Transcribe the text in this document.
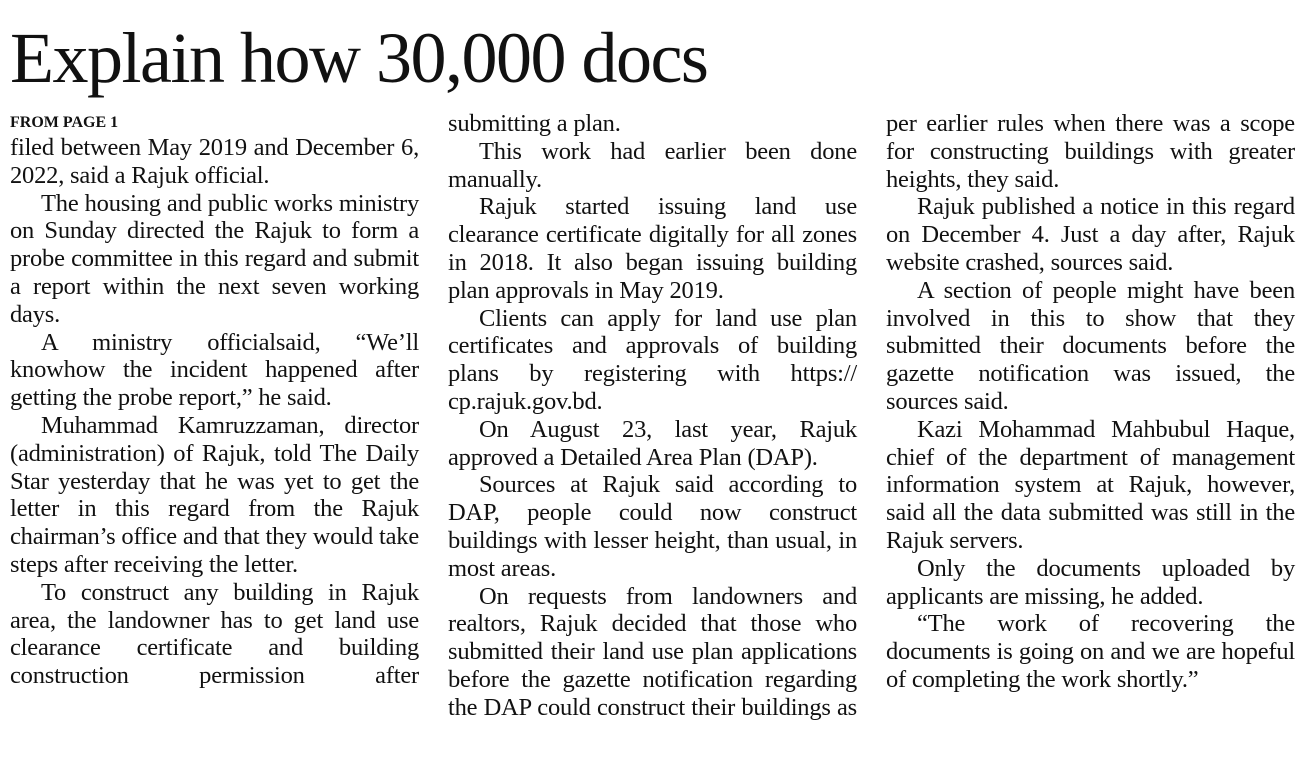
Explain how 30,000 docs
FROM PAGE 1

filed between May 2019 and December 6, 2022, said a Rajuk official.

The housing and public works ministry on Sunday directed the Rajuk to form a probe committee in this regard and submit a report within the next seven working days.

A ministry officialsaid, “We’ll knowhow the incident happened after getting the probe report,” he said.

Muhammad Kamruzzaman, director (administration) of Rajuk, told The Daily Star yesterday that he was yet to get the letter in this regard from the Rajuk chairman’s office and that they would take steps after receiving the letter.

To construct any building in Rajuk area, the landowner has to get land use clearance certificate and building construction permission after

submitting a plan.

This work had earlier been done manually.

Rajuk started issuing land use clearance certificate digitally for all zones in 2018. It also began issuing building plan approvals in May 2019.

Clients can apply for land use plan certificates and approvals of building plans by registering with https:// cp.rajuk.gov.bd.

On August 23, last year, Rajuk approved a Detailed Area Plan (DAP).

Sources at Rajuk said according to DAP, people could now construct buildings with lesser height, than usual, in most areas.

On requests from landowners and realtors, Rajuk decided that those who submitted their land use plan applications before the gazette notification regarding the DAP could construct their buildings as

per earlier rules when there was a scope for constructing buildings with greater heights, they said.

Rajuk published a notice in this regard on December 4. Just a day after, Rajuk website crashed, sources said.

A section of people might have been involved in this to show that they submitted their documents before the gazette notification was issued, the sources said.

Kazi Mohammad Mahbubul Haque, chief of the department of management information system at Rajuk, however, said all the data submitted was still in the Rajuk servers.

Only the documents uploaded by applicants are missing, he added.

“The work of recovering the documents is going on and we are hopeful of completing the work shortly.”
